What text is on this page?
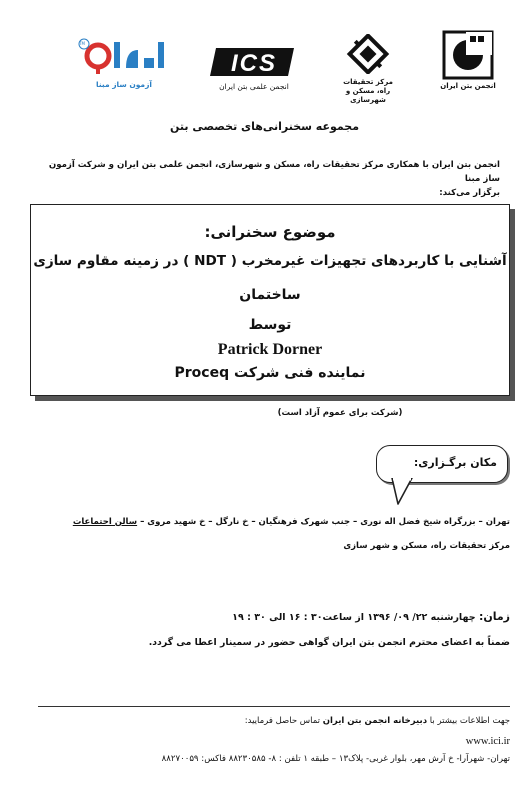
TM
آزمون ساز مبنا
ICS
انجمن علمی بتن ایران	مرکز تحقیقات
راه، مسکن و شهرسازی
انجمن بتن ایران
مجموعه سخنرانی‌های تخصصی بتن
انجمن بتن ایران با همکاری مرکز تحقیقات راه، مسکن و شهرسازی، انجمن علمی بتن ایران و شرکت آزمون ساز مبنا
برگزار می‌کند:
موضوع سخنرانی:
آشنایی با کاربردهای تجهیزات غیرمخرب ( NDT ) در زمینه مقاوم سازی
ساختمان
توسط
Patrick Dorner
نماینده فنی شرکت Proceq
(شرکت برای عموم آزاد است)
مکان برگـزاری:
تهران – بزرگراه شیخ فضل اله نوری – جنب شهرک فرهنگیان – خ نارگل – خ شهید مروی – سالن اجتماعات
مرکز تحقیقات راه، مسکن و شهر سازی
زمان: چهارشنبه ۲۲/ ۰۹/ ۱۳۹۶ از ساعت۳۰ : ۱۶ الی ۳۰ : ۱۹
ضمناً به اعضای محترم انجمن بتن ایران گواهی حضور در سمینار اعطا می گردد.
جهت اطلاعات بیشتر با دبیرخانه انجمن بتن ایران تماس حاصل فرمایید:
www.ici.ir
تهران- شهرآرا- خ آرش مهر، بلوار غربی- پلاک۱۳ – طبقه ۱ تلفن : ۸- ۸۸۲۳۰۵۸۵ فاکس: ۸۸۲۷۰۰۵۹
